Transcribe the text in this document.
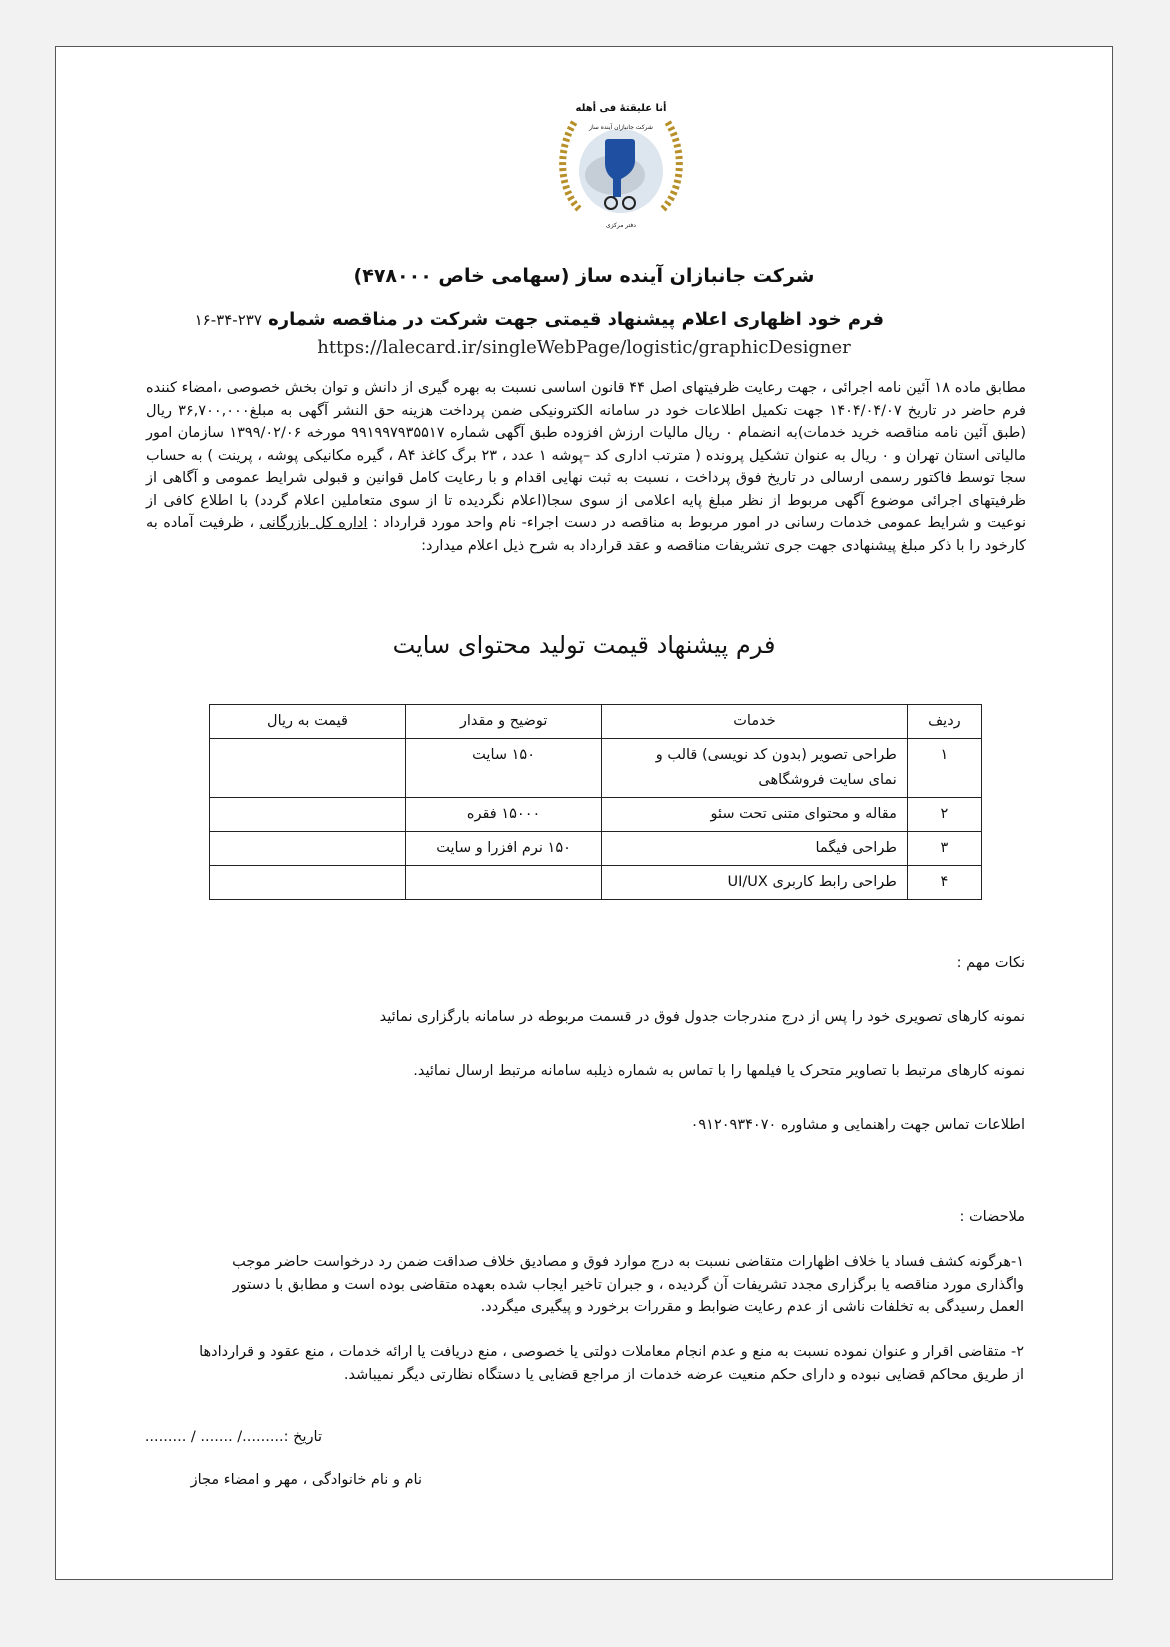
أنا عليقتهٔ فی أهله
شرکت جانبازان آینده ساز
دفتر مرکزی
شرکت جانبازان آینده ساز (سهامی خاص ۴۷۸۰۰۰)
فرم خود اظهاری اعلام پیشنهاد قیمتی جهت شرکت در مناقصه شماره ۲۳۷-۳۴-۱۶
https://lalecard.ir/singleWebPage/logistic/graphicDesigner
مطابق ماده ۱۸ آئین نامه اجرائی ، جهت رعایت ظرفیتهای اصل ۴۴ قانون اساسی نسبت به بهره گیری از دانش و توان بخش خصوصی ،امضاء کننده فرم حاضر در تاریخ ۱۴۰۴/۰۴/۰۷ جهت تکمیل اطلاعات خود در سامانه الکترونیکی ضمن پرداخت هزینه حق النشر آگهی به مبلغ۳۶,۷۰۰,۰۰۰ ریال (طبق آئین نامه مناقصه خرید خدمات)به انضمام ۰ ریال مالیات ارزش افزوده طبق آگهی شماره ۹۹۱۹۹۷۹۳۵۵۱۷ مورخه ۱۳۹۹/۰۲/۰۶ سازمان امور مالیاتی استان تهران و ۰ ریال به عنوان تشکیل پرونده ( مترتب اداری کد –پوشه ۱ عدد ، ۲۳ برگ کاغذ A۴ ، گیره مکانیکی پوشه ، پرینت ) به حساب سجا توسط فاکتور رسمی ارسالی در تاریخ فوق پرداخت ، نسبت به ثبت نهایی اقدام و با رعایت کامل قوانین و قبولی شرایط عمومی و آگاهی از ظرفیتهای اجرائی موضوع آگهی مربوط از نظر مبلغ پایه اعلامی از سوی سجا(اعلام نگردیده تا از سوی متعاملین اعلام گردد) با اطلاع کافی از نوعیت و شرایط عمومی خدمات رسانی در امور مربوط به مناقصه در دست اجراء- نام واحد مورد قرارداد : اداره کل بازرگانی ، ظرفیت آماده به کارخود را با ذکر مبلغ پیشنهادی جهت جری تشریفات مناقصه و عقد قرارداد به شرح ذیل اعلام میدارد:
فرم پیشنهاد قیمت تولید محتوای سایت
ردیف	خدمات	توضیح و مقدار	قیمت به ریال
۱	طراحی تصویر (بدون کد نویسی) قالب و
نمای سایت فروشگاهی	۱۵۰ سایت	
۲	مقاله و محتوای متنی تحت سئو	۱۵۰۰۰ فقره	
۳	طراحی فیگما	۱۵۰ نرم افزرا و سایت	
۴	طراحی رابط کاربری UI/UX		
نکات مهم :
نمونه کارهای تصویری خود را پس از درج مندرجات جدول فوق در قسمت مربوطه در سامانه بارگزاری نمائید
نمونه کارهای مرتبط با تصاویر متحرک یا فیلمها را با تماس به شماره ذیلبه سامانه مرتبط ارسال نمائید.
اطلاعات تماس جهت راهنمایی و مشاوره ۰۹۱۲۰۹۳۴۰۷۰
ملاحضات :
۱-هرگونه کشف فساد یا خلاف اظهارات متقاضی نسبت به درج موارد فوق و مصادیق خلاف صداقت ضمن رد درخواست حاضر موجب واگذاری مورد مناقصه یا برگزاری مجدد تشریفات آن گردیده ، و جبران تاخیر ایجاب شده بعهده متقاضی بوده است و مطابق با دستور العمل رسیدگی به تخلفات ناشی از عدم رعایت ضوابط و مقررات برخورد و پیگیری میگردد.
۲- متقاضی اقرار و عنوان نموده نسبت به منع و عدم انجام معاملات دولتی یا خصوصی ، منع دریافت یا ارائه خدمات ، منع عقود و قراردادها از طریق محاکم قضایی نبوده و دارای حکم منعیت عرضه خدمات از مراجع قضایی یا دستگاه نظارتی دیگر نمیباشد.
تاریخ :........./ ....... / .........
نام و نام خانوادگی ، مهر و امضاء مجاز
